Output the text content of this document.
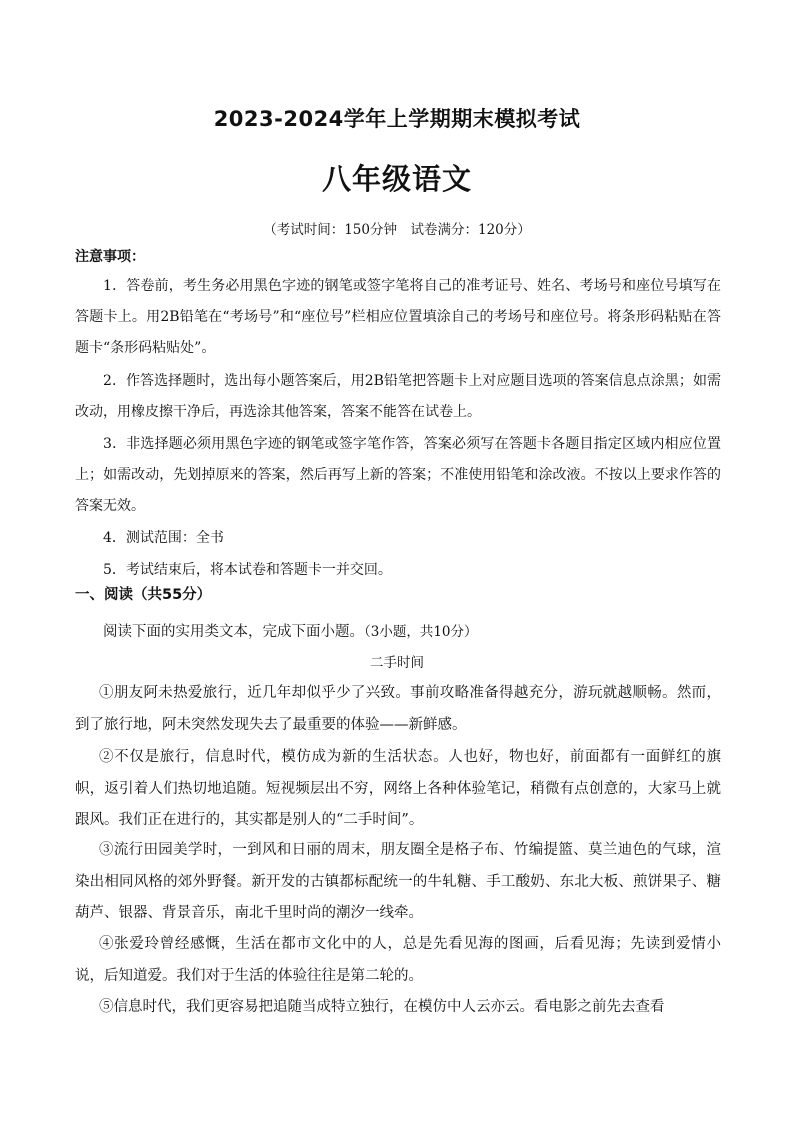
2023-2024学年上学期期末模拟考试
八年级语文
（考试时间：150分钟　试卷满分：120分）
注意事项：

1．答卷前，考生务必用黑色字迹的钢笔或签字笔将自己的准考证号、姓名、考场号和座位号填写在答题卡上。用2B铅笔在“考场号”和“座位号”栏相应位置填涂自己的考场号和座位号。将条形码粘贴在答题卡“条形码粘贴处”。

2．作答选择题时，选出每小题答案后，用2B铅笔把答题卡上对应题目选项的答案信息点涂黑；如需改动，用橡皮擦干净后，再选涂其他答案，答案不能答在试卷上。

3．非选择题必须用黑色字迹的钢笔或签字笔作答，答案必须写在答题卡各题目指定区域内相应位置上；如需改动，先划掉原来的答案，然后再写上新的答案；不准使用铅笔和涂改液。不按以上要求作答的答案无效。

4．测试范围：全书

5．考试结束后，将本试卷和答题卡一并交回。

一、阅读（共55分）
阅读下面的实用类文本，完成下面小题。（3小题，共10分）
二手时间

①朋友阿未热爱旅行，近几年却似乎少了兴致。事前攻略准备得越充分，游玩就越顺畅。然而，到了旅行地，阿未突然发现失去了最重要的体验——新鲜感。

②不仅是旅行，信息时代，模仿成为新的生活状态。人也好，物也好，前面都有一面鲜红的旗帜，返引着人们热切地追随。短视频层出不穷，网络上各种体验笔记，稍微有点创意的，大家马上就跟风。我们正在进行的，其实都是别人的“二手时间”。

③流行田园美学时，一到风和日丽的周末，朋友圈全是格子布、竹编提篮、莫兰迪色的气球，渲染出相同风格的郊外野餐。新开发的古镇都标配统一的牛轧糖、手工酸奶、东北大板、煎饼果子、糖葫芦、银器、背景音乐，南北千里时尚的潮汐一线牵。

④张爱玲曾经感慨，生活在都市文化中的人，总是先看见海的图画，后看见海；先读到爱情小说，后知道爱。我们对于生活的体验往往是第二轮的。

⑤信息时代，我们更容易把追随当成特立独行，在模仿中人云亦云。看电影之前先去查看
